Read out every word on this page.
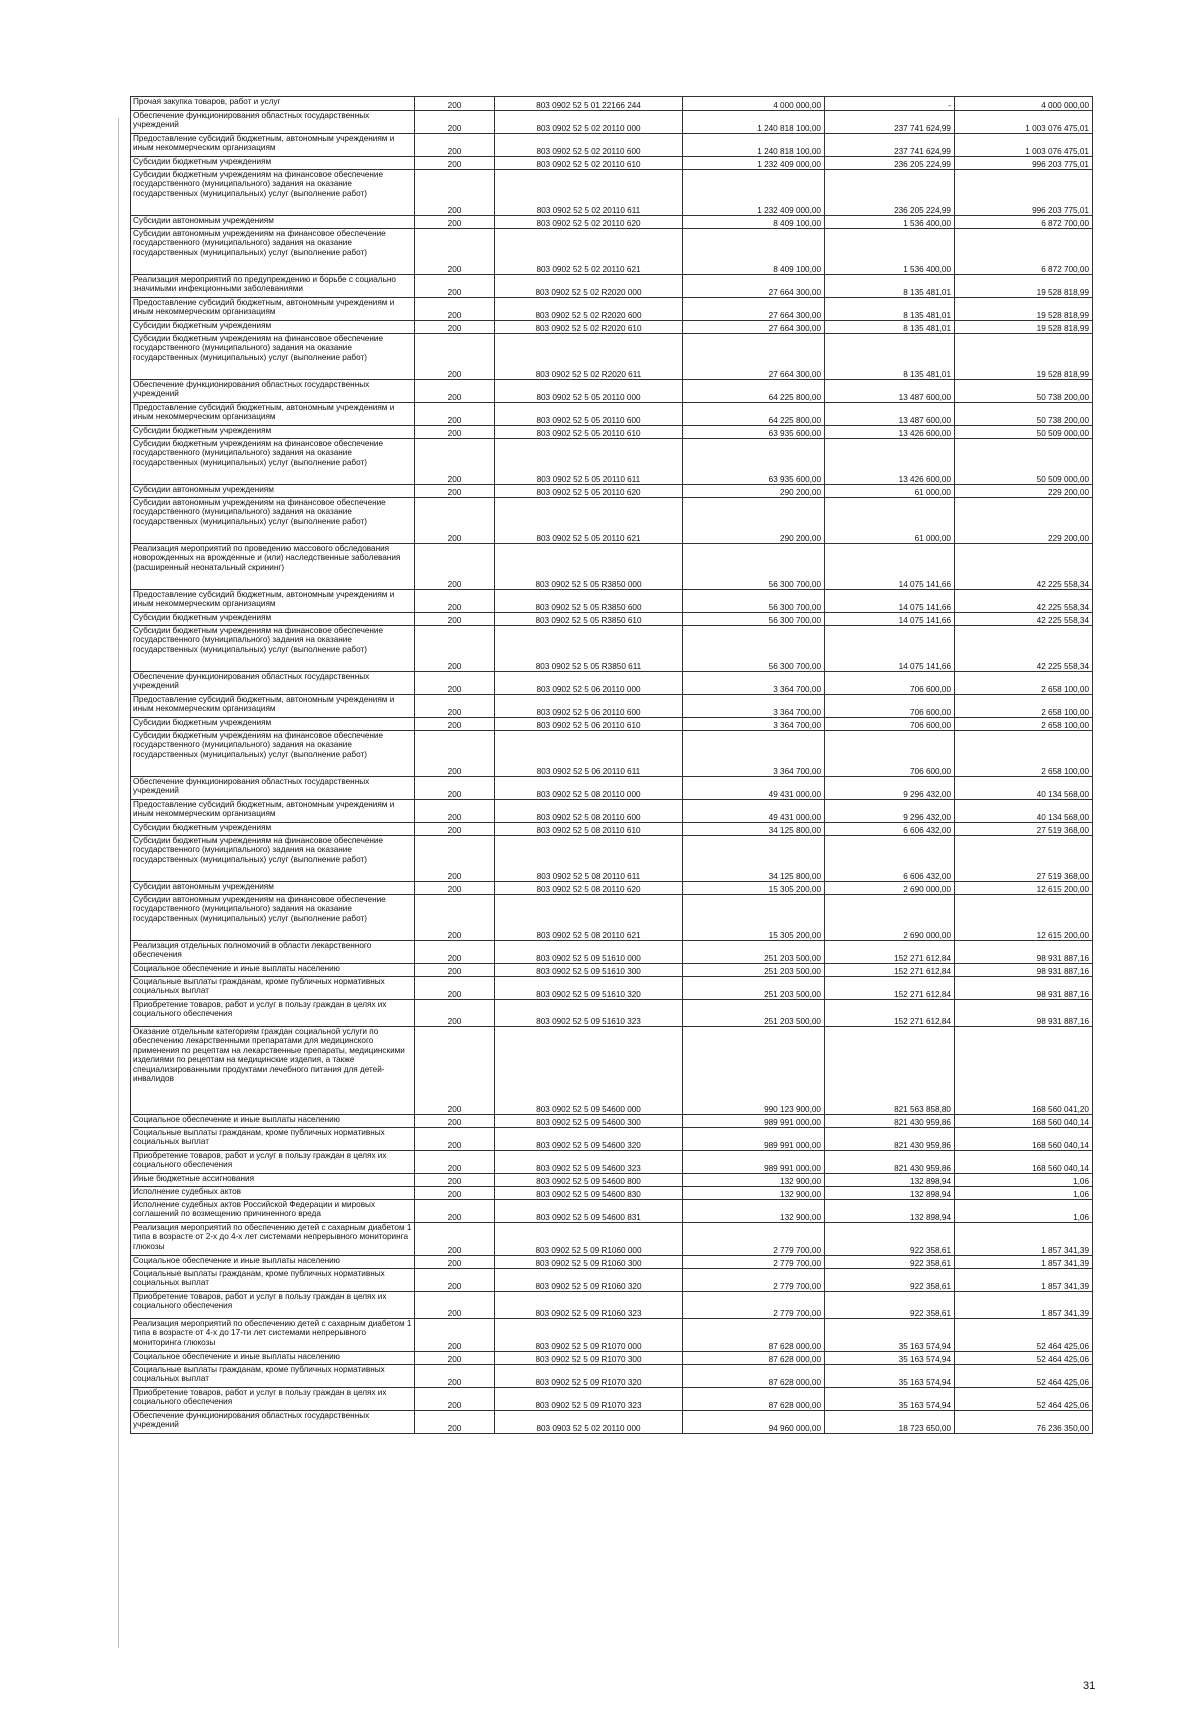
Прочая закупка товаров, работ и услуг	200	803 0902 52 5 01 22166 244	4 000 000,00	-	4 000 000,00
Обеспечение функционирования областных государственных учреждений	200	803 0902 52 5 02 20110 000	1 240 818 100,00	237 741 624,99	1 003 076 475,01
Предоставление субсидий бюджетным, автономным учреждениям и иным некоммерческим организациям	200	803 0902 52 5 02 20110 600	1 240 818 100,00	237 741 624,99	1 003 076 475,01
Субсидии бюджетным учреждениям	200	803 0902 52 5 02 20110 610	1 232 409 000,00	236 205 224,99	996 203 775,01
Субсидии бюджетным учреждениям на финансовое обеспечение государственного (муниципального) задания на оказание государственных (муниципальных) услуг (выполнение работ)	200	803 0902 52 5 02 20110 611	1 232 409 000,00	236 205 224,99	996 203 775,01
Субсидии автономным учреждениям	200	803 0902 52 5 02 20110 620	8 409 100,00	1 536 400,00	6 872 700,00
Субсидии автономным учреждениям на финансовое обеспечение государственного (муниципального) задания на оказание государственных (муниципальных) услуг (выполнение работ)	200	803 0902 52 5 02 20110 621	8 409 100,00	1 536 400,00	6 872 700,00
Реализация мероприятий по предупреждению и борьбе с социально значимыми инфекционными заболеваниями	200	803 0902 52 5 02 R2020 000	27 664 300,00	8 135 481,01	19 528 818,99
Предоставление субсидий бюджетным, автономным учреждениям и иным некоммерческим организациям	200	803 0902 52 5 02 R2020 600	27 664 300,00	8 135 481,01	19 528 818,99
Субсидии бюджетным учреждениям	200	803 0902 52 5 02 R2020 610	27 664 300,00	8 135 481,01	19 528 818,99
Субсидии бюджетным учреждениям на финансовое обеспечение государственного (муниципального) задания на оказание государственных (муниципальных) услуг (выполнение работ)	200	803 0902 52 5 02 R2020 611	27 664 300,00	8 135 481,01	19 528 818,99
Обеспечение функционирования областных государственных учреждений	200	803 0902 52 5 05 20110 000	64 225 800,00	13 487 600,00	50 738 200,00
Предоставление субсидий бюджетным, автономным учреждениям и иным некоммерческим организациям	200	803 0902 52 5 05 20110 600	64 225 800,00	13 487 600,00	50 738 200,00
Субсидии бюджетным учреждениям	200	803 0902 52 5 05 20110 610	63 935 600,00	13 426 600,00	50 509 000,00
Субсидии бюджетным учреждениям на финансовое обеспечение государственного (муниципального) задания на оказание государственных (муниципальных) услуг (выполнение работ)	200	803 0902 52 5 05 20110 611	63 935 600,00	13 426 600,00	50 509 000,00
Субсидии автономным учреждениям	200	803 0902 52 5 05 20110 620	290 200,00	61 000,00	229 200,00
Субсидии автономным учреждениям на финансовое обеспечение государственного (муниципального) задания на оказание государственных (муниципальных) услуг (выполнение работ)	200	803 0902 52 5 05 20110 621	290 200,00	61 000,00	229 200,00
Реализация мероприятий по проведению массового обследования новорожденных на врожденные и (или) наследственные заболевания (расширенный неонатальный скрининг)	200	803 0902 52 5 05 R3850 000	56 300 700,00	14 075 141,66	42 225 558,34
Предоставление субсидий бюджетным, автономным учреждениям и иным некоммерческим организациям	200	803 0902 52 5 05 R3850 600	56 300 700,00	14 075 141,66	42 225 558,34
Субсидии бюджетным учреждениям	200	803 0902 52 5 05 R3850 610	56 300 700,00	14 075 141,66	42 225 558,34
Субсидии бюджетным учреждениям на финансовое обеспечение государственного (муниципального) задания на оказание государственных (муниципальных) услуг (выполнение работ)	200	803 0902 52 5 05 R3850 611	56 300 700,00	14 075 141,66	42 225 558,34
Обеспечение функционирования областных государственных учреждений	200	803 0902 52 5 06 20110 000	3 364 700,00	706 600,00	2 658 100,00
Предоставление субсидий бюджетным, автономным учреждениям и иным некоммерческим организациям	200	803 0902 52 5 06 20110 600	3 364 700,00	706 600,00	2 658 100,00
Субсидии бюджетным учреждениям	200	803 0902 52 5 06 20110 610	3 364 700,00	706 600,00	2 658 100,00
Субсидии бюджетным учреждениям на финансовое обеспечение государственного (муниципального) задания на оказание государственных (муниципальных) услуг (выполнение работ)	200	803 0902 52 5 06 20110 611	3 364 700,00	706 600,00	2 658 100,00
Обеспечение функционирования областных государственных учреждений	200	803 0902 52 5 08 20110 000	49 431 000,00	9 296 432,00	40 134 568,00
Предоставление субсидий бюджетным, автономным учреждениям и иным некоммерческим организациям	200	803 0902 52 5 08 20110 600	49 431 000,00	9 296 432,00	40 134 568,00
Субсидии бюджетным учреждениям	200	803 0902 52 5 08 20110 610	34 125 800,00	6 606 432,00	27 519 368,00
Субсидии бюджетным учреждениям на финансовое обеспечение государственного (муниципального) задания на оказание государственных (муниципальных) услуг (выполнение работ)	200	803 0902 52 5 08 20110 611	34 125 800,00	6 606 432,00	27 519 368,00
Субсидии автономным учреждениям	200	803 0902 52 5 08 20110 620	15 305 200,00	2 690 000,00	12 615 200,00
Субсидии автономным учреждениям на финансовое обеспечение государственного (муниципального) задания на оказание государственных (муниципальных) услуг (выполнение работ)	200	803 0902 52 5 08 20110 621	15 305 200,00	2 690 000,00	12 615 200,00
Реализация отдельных полномочий в области лекарственного обеспечения	200	803 0902 52 5 09 51610 000	251 203 500,00	152 271 612,84	98 931 887,16
Социальное обеспечение и иные выплаты населению	200	803 0902 52 5 09 51610 300	251 203 500,00	152 271 612,84	98 931 887,16
Социальные выплаты гражданам, кроме публичных нормативных социальных выплат	200	803 0902 52 5 09 51610 320	251 203 500,00	152 271 612,84	98 931 887,16
Приобретение товаров, работ и услуг в пользу граждан в целях их социального обеспечения	200	803 0902 52 5 09 51610 323	251 203 500,00	152 271 612,84	98 931 887,16
Оказание отдельным категориям граждан социальной услуги по обеспечению лекарственными препаратами для медицинского применения по рецептам на лекарственные препараты, медицинскими изделиями по рецептам на медицинские изделия, а также специализированными продуктами лечебного питания для детей-инвалидов	200	803 0902 52 5 09 54600 000	990 123 900,00	821 563 858,80	168 560 041,20
Социальное обеспечение и иные выплаты населению	200	803 0902 52 5 09 54600 300	989 991 000,00	821 430 959,86	168 560 040,14
Социальные выплаты гражданам, кроме публичных нормативных социальных выплат	200	803 0902 52 5 09 54600 320	989 991 000,00	821 430 959,86	168 560 040,14
Приобретение товаров, работ и услуг в пользу граждан в целях их социального обеспечения	200	803 0902 52 5 09 54600 323	989 991 000,00	821 430 959,86	168 560 040,14
Иные бюджетные ассигнования	200	803 0902 52 5 09 54600 800	132 900,00	132 898,94	1,06
Исполнение судебных актов	200	803 0902 52 5 09 54600 830	132 900,00	132 898,94	1,06
Исполнение судебных актов Российской Федерации и мировых соглашений по возмещению причиненного вреда	200	803 0902 52 5 09 54600 831	132 900,00	132 898,94	1,06
Реализация мероприятий по обеспечению детей с сахарным диабетом 1 типа в возрасте от 2-х до 4-х лет системами непрерывного мониторинга глюкозы	200	803 0902 52 5 09 R1060 000	2 779 700,00	922 358,61	1 857 341,39
Социальное обеспечение и иные выплаты населению	200	803 0902 52 5 09 R1060 300	2 779 700,00	922 358,61	1 857 341,39
Социальные выплаты гражданам, кроме публичных нормативных социальных выплат	200	803 0902 52 5 09 R1060 320	2 779 700,00	922 358,61	1 857 341,39
Приобретение товаров, работ и услуг в пользу граждан в целях их социального обеспечения	200	803 0902 52 5 09 R1060 323	2 779 700,00	922 358,61	1 857 341,39
Реализация мероприятий по обеспечению детей с сахарным диабетом 1 типа в возрасте от 4-х до 17-ти лет системами непрерывного мониторинга глюкозы	200	803 0902 52 5 09 R1070 000	87 628 000,00	35 163 574,94	52 464 425,06
Социальное обеспечение и иные выплаты населению	200	803 0902 52 5 09 R1070 300	87 628 000,00	35 163 574,94	52 464 425,06
Социальные выплаты гражданам, кроме публичных нормативных социальных выплат	200	803 0902 52 5 09 R1070 320	87 628 000,00	35 163 574,94	52 464 425,06
Приобретение товаров, работ и услуг в пользу граждан в целях их социального обеспечения	200	803 0902 52 5 09 R1070 323	87 628 000,00	35 163 574,94	52 464 425,06
Обеспечение функционирования областных государственных учреждений	200	803 0903 52 5 02 20110 000	94 960 000,00	18 723 650,00	76 236 350,00
31
